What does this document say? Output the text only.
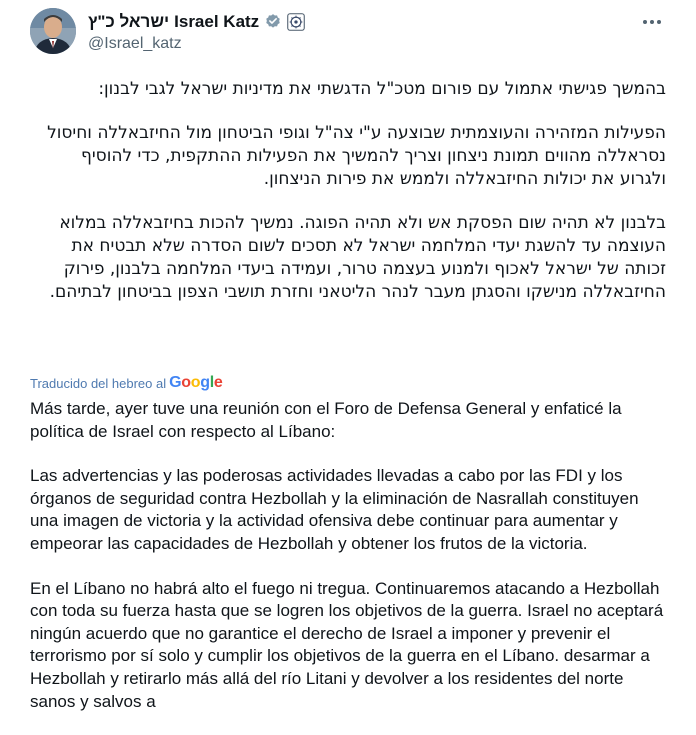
ישראל כ"ץ Israel Katz
@Israel_katz

בהמשך פגישתי אתמול עם פורום מטכ"ל הדגשתי את מדיניות ישראל לגבי לבנון:

הפעילות המזהירה והעוצמתית שבוצעה ע"י צה"ל וגופי הביטחון מול החיזבאללה וחיסול נסראללה מהווים תמונת ניצחון וצריך להמשיך את הפעילות ההתקפית, כדי להוסיף ולגרוע את יכולות החיזבאללה ולממש את פירות הניצחון.

בלבנון לא תהיה שום הפסקת אש ולא תהיה הפוגה. נמשיך להכות בחיזבאללה במלוא העוצמה עד להשגת יעדי המלחמה ישראל לא תסכים לשום הסדרה שלא תבטיח את זכותה של ישראל לאכוף ולמנוע בעצמה טרור, ועמידה ביעדי המלחמה בלבנון, פירוק החיזבאללה מנישקו והסגתן מעבר לנהר הליטאני וחזרת תושבי הצפון בביטחון לבתיהם.

Traducido del hebreo al Google

Más tarde, ayer tuve una reunión con el Foro de Defensa General y enfaticé la política de Israel con respecto al Líbano:

Las advertencias y las poderosas actividades llevadas a cabo por las FDI y los órganos de seguridad contra Hezbollah y la eliminación de Nasrallah constituyen una imagen de victoria y la actividad ofensiva debe continuar para aumentar y empeorar las capacidades de Hezbollah y obtener los frutos de la victoria.

En el Líbano no habrá alto el fuego ni tregua. Continuaremos atacando a Hezbollah con toda su fuerza hasta que se logren los objetivos de la guerra. Israel no aceptará ningún acuerdo que no garantice el derecho de Israel a imponer y prevenir el terrorismo por sí solo y cumplir los objetivos de la guerra en el Líbano. desarmar a Hezbollah y retirarlo más allá del río Litani y devolver a los residentes del norte sanos y salvos a
